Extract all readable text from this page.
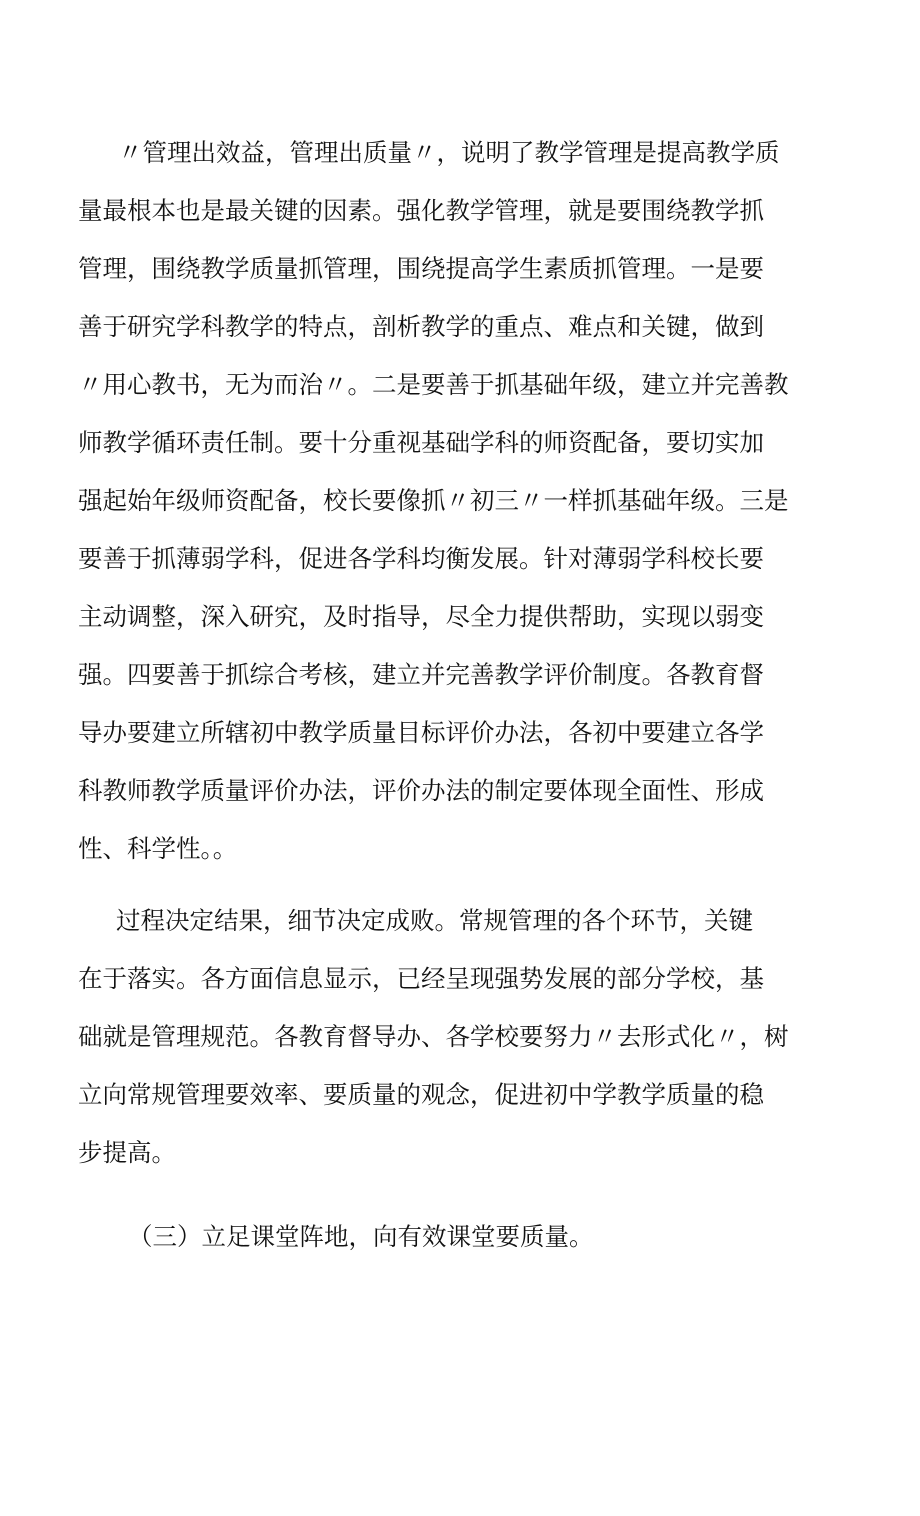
〃管理出效益，管理出质量〃，说明了教学管理是提高教学质
量最根本也是最关键的因素。强化教学管理，就是要围绕教学抓
管理，围绕教学质量抓管理，围绕提高学生素质抓管理。一是要
善于研究学科教学的特点，剖析教学的重点、难点和关键，做到
〃用心教书，无为而治〃。二是要善于抓基础年级，建立并完善教
师教学循环责任制。要十分重视基础学科的师资配备，要切实加
强起始年级师资配备，校长要像抓〃初三〃一样抓基础年级。三是
要善于抓薄弱学科，促进各学科均衡发展。针对薄弱学科校长要
主动调整，深入研究，及时指导，尽全力提供帮助，实现以弱变
强。四要善于抓综合考核，建立并完善教学评价制度。各教育督
导办要建立所辖初中教学质量目标评价办法，各初中要建立各学
科教师教学质量评价办法，评价办法的制定要体现全面性、形成
性、科学性。。
过程决定结果，细节决定成败。常规管理的各个环节，关键
在于落实。各方面信息显示，已经呈现强势发展的部分学校，基
础就是管理规范。各教育督导办、各学校要努力〃去形式化〃，树
立向常规管理要效率、要质量的观念，促进初中学教学质量的稳
步提高。
（三）立足课堂阵地，向有效课堂要质量。
